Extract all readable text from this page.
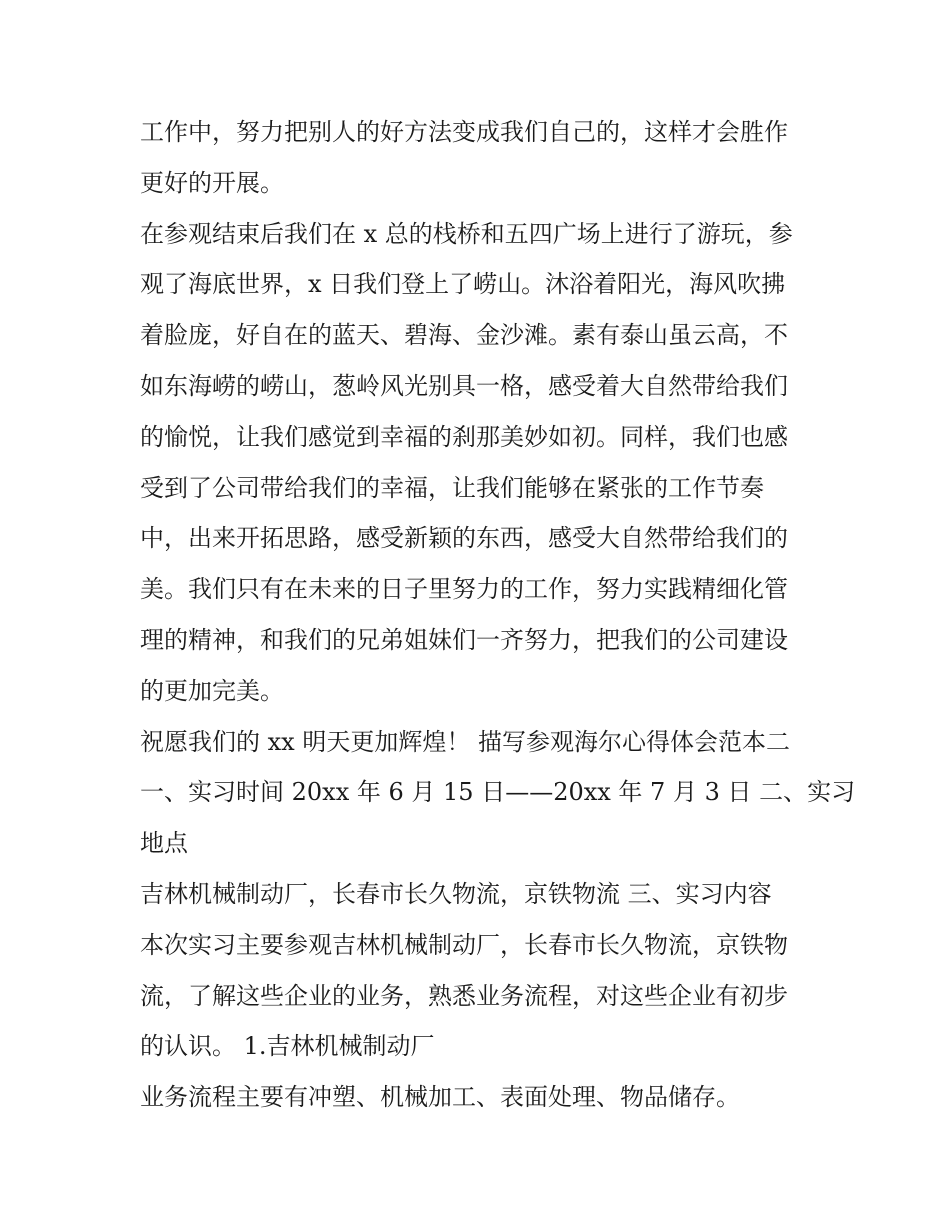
工作中，努力把别人的好方法变成我们自己的，这样才会胜作
更好的开展。
在参观结束后我们在 x 总的栈桥和五四广场上进行了游玩，参
观了海底世界，x 日我们登上了崂山。沐浴着阳光，海风吹拂
着脸庞，好自在的蓝天、碧海、金沙滩。素有泰山虽云高，不
如东海崂的崂山，葱岭风光别具一格，感受着大自然带给我们
的愉悦，让我们感觉到幸福的刹那美妙如初。同样，我们也感
受到了公司带给我们的幸福，让我们能够在紧张的工作节奏
中，出来开拓思路，感受新颖的东西，感受大自然带给我们的
美。我们只有在未来的日子里努力的工作，努力实践精细化管
理的精神，和我们的兄弟姐妹们一齐努力，把我们的公司建设
的更加完美。
祝愿我们的 xx 明天更加辉煌！ 描写参观海尔心得体会范本二
一、实习时间 20xx 年 6 月 15 日——20xx 年 7 月 3 日 二、实习
地点
吉林机械制动厂，长春市长久物流，京铁物流 三、实习内容
本次实习主要参观吉林机械制动厂，长春市长久物流，京铁物
流，了解这些企业的业务，熟悉业务流程，对这些企业有初步
的认识。 1.吉林机械制动厂
业务流程主要有冲塑、机械加工、表面处理、物品储存。
